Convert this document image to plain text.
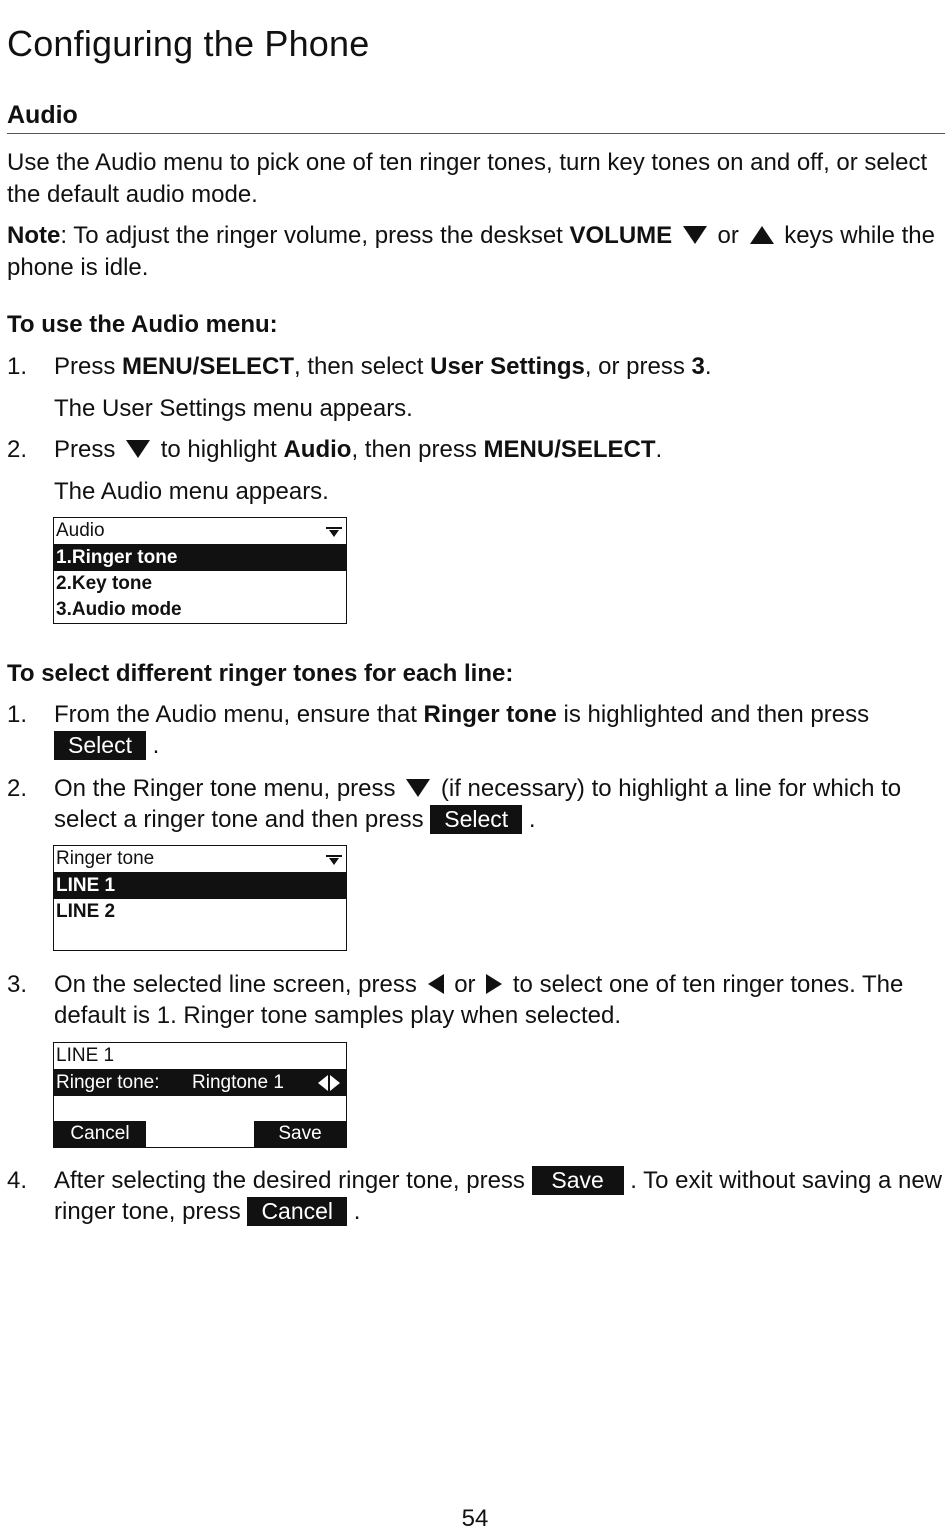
Configuring the Phone
Audio
Use the Audio menu to pick one of ten ringer tones, turn key tones on and off, or select the default audio mode.
Note: To adjust the ringer volume, press the deskset VOLUME or keys while the phone is idle.
To use the Audio menu:
1. Press MENU/SELECT, then select User Settings, or press 3.
The User Settings menu appears.
2. Press to highlight Audio, then press MENU/SELECT.
The Audio menu appears.
Audio
1.Ringer tone
2.Key tone
3.Audio mode
To select different ringer tones for each line:
1. From the Audio menu, ensure that Ringer tone is highlighted and then press
Select .
2. On the Ringer tone menu, press (if necessary) to highlight a line for which to select a ringer tone and then press Select .
Ringer tone
LINE 1
LINE 2
3. On the selected line screen, press or to select one of ten ringer tones. The default is 1. Ringer tone samples play when selected.
LINE 1
Ringer tone: Ringtone 1
Cancel	Save
4. After selecting the desired ringer tone, press Save . To exit without saving a new ringer tone, press Cancel .
54
